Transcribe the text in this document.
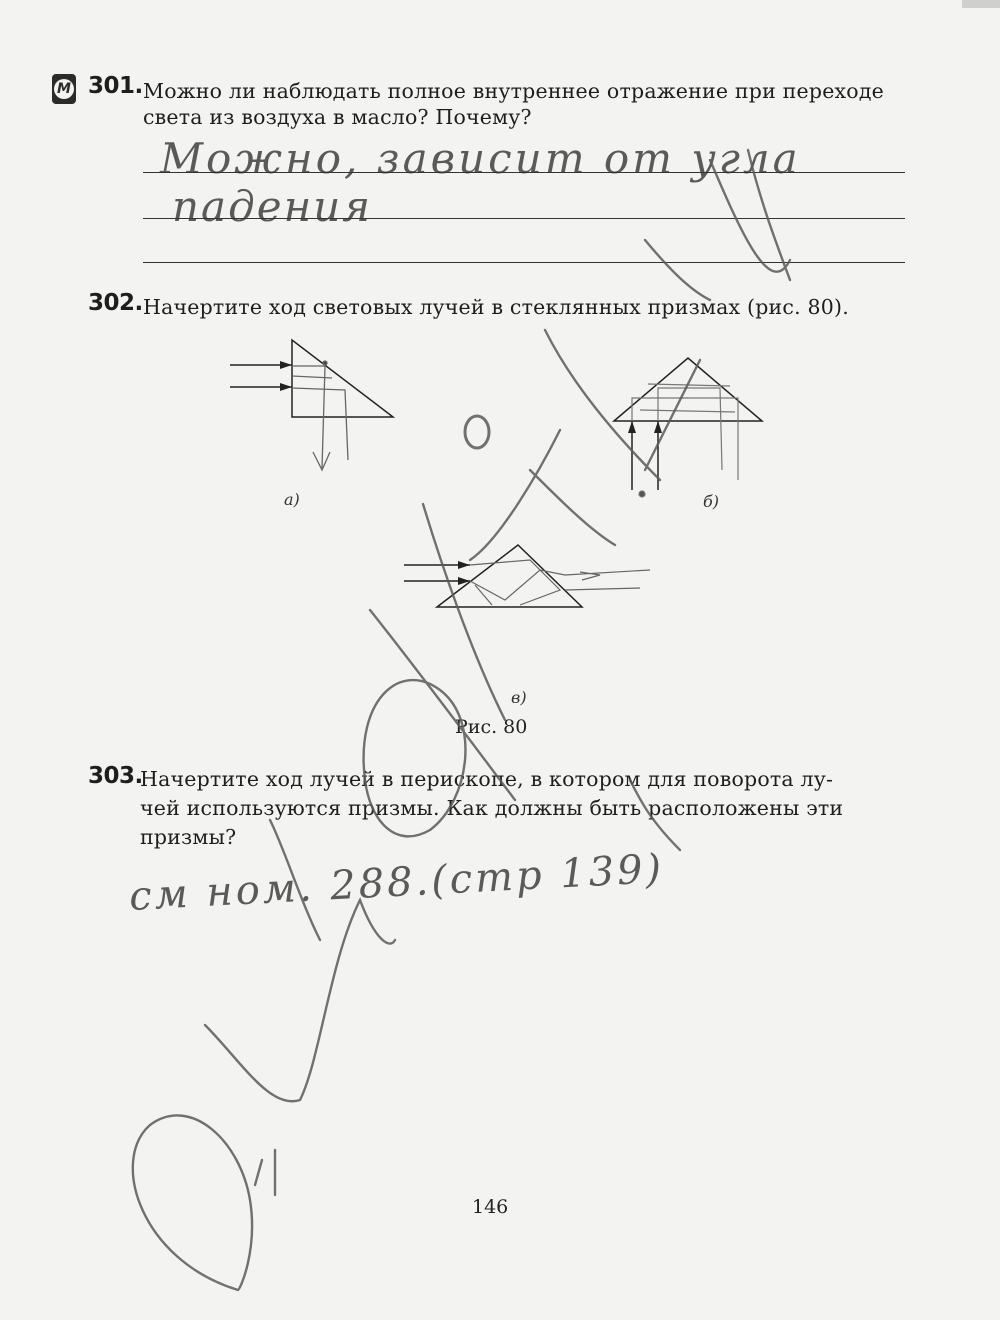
М 301. Можно ли наблюдать полное внутреннее отражение при переходе
света из воздуха в масло? Почему?
Можно, зависит от угла
падения
302. Начертите ход световых лучей в стеклянных призмах (рис. 80).
а)	б)
в)
Рис. 80
303.
Начертите ход лучей в перископе, в котором для поворота лу-
чей используются призмы. Как должны быть расположены эти
призмы?
см ном. 288.(стр 139)
146
